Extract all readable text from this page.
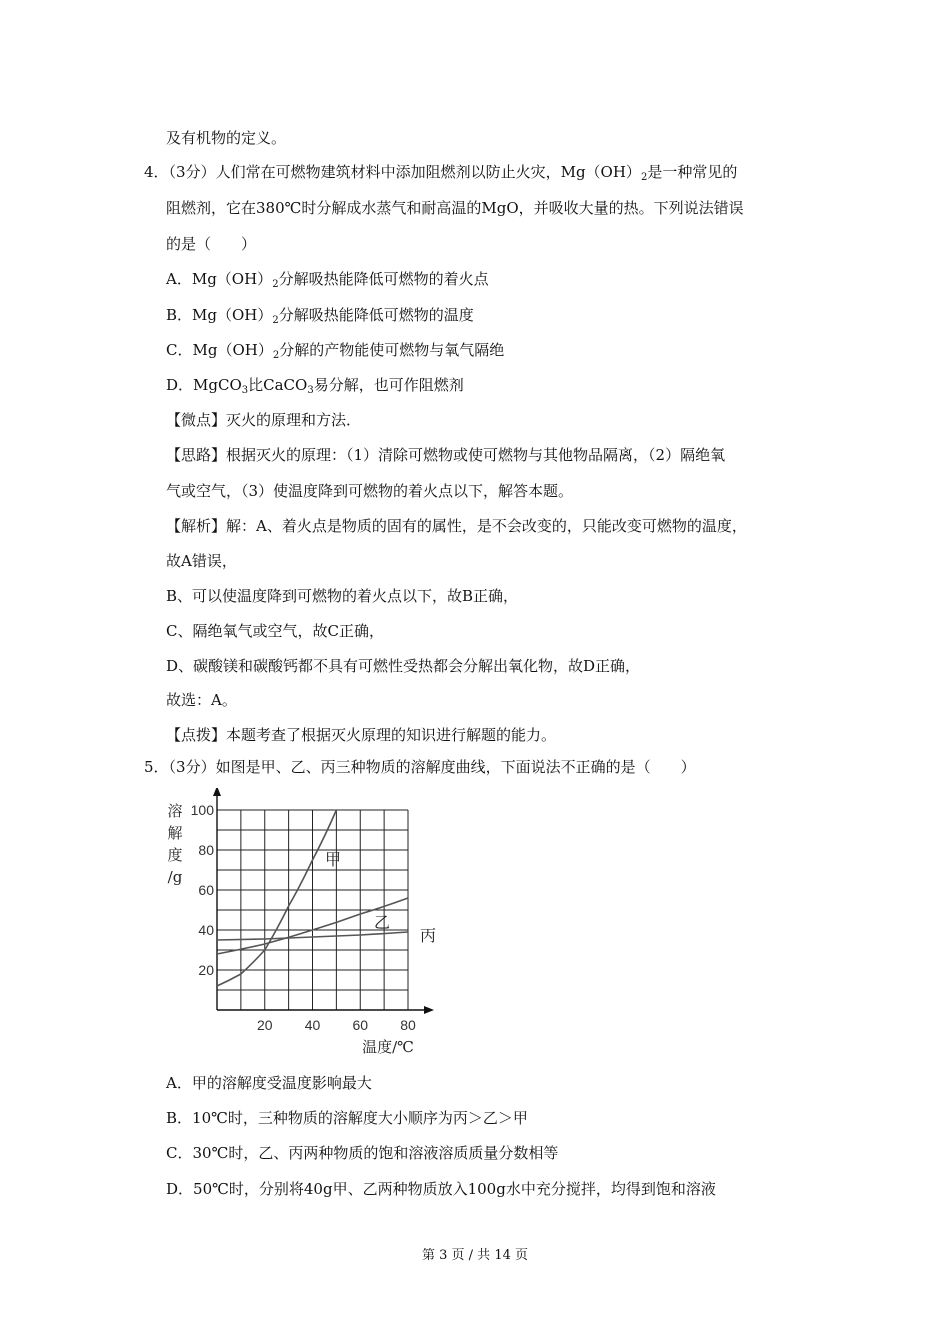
及有机物的定义。
4．（3分）人们常在可燃物建筑材料中添加阻燃剂以防止火灾，$Mg(OH)_2$是一种常见的
阻燃剂，它在380℃时分解成水蒸气和耐高温的MgO，并吸收大量的热。下列说法错误
的是（　　）
A．$Mg(OH)_2$分解吸热能降低可燃物的着火点
B．$Mg(OH)_2$分解吸热能降低可燃物的温度
C．$Mg(OH)_2$分解的产物能使可燃物与氧气隔绝
D．MgCO$_3$比CaCO$_3$易分解，也可作阻燃剂
【微点】灭火的原理和方法．
【思路】根据灭火的原理：（1）清除可燃物或使可燃物与其他物品隔离，（2）隔绝氧
气或空气，（3）使温度降到可燃物的着火点以下，解答本题。
【解析】解：A、着火点是物质的固有的属性，是不会改变的，只能改变可燃物的温度，
故A错误，
B、可以使温度降到可燃物的着火点以下，故B正确，
C、隔绝氧气或空气，故C正确，
D、碳酸镁和碳酸钙都不具有可燃性受热都会分解出氧化物，故D正确，
故选：A。
【点拨】本题考查了根据灭火原理的知识进行解题的能力。
5．（3分）如图是甲、乙、丙三种物质的溶解度曲线，下面说法不正确的是（　　）
A．甲的溶解度受温度影响最大
B．10℃时，三种物质的溶解度大小顺序为丙＞乙＞甲
C．30℃时，乙、丙两种物质的饱和溶液溶质质量分数相等
D．50℃时，分别将40g甲、乙两种物质放入100g水中充分搅拌，均得到饱和溶液
20 40 60 80
20
40
60
80
100
溶
解
度
/g
温度/℃
甲
乙
丙
第 3 页 / 共 14 页
